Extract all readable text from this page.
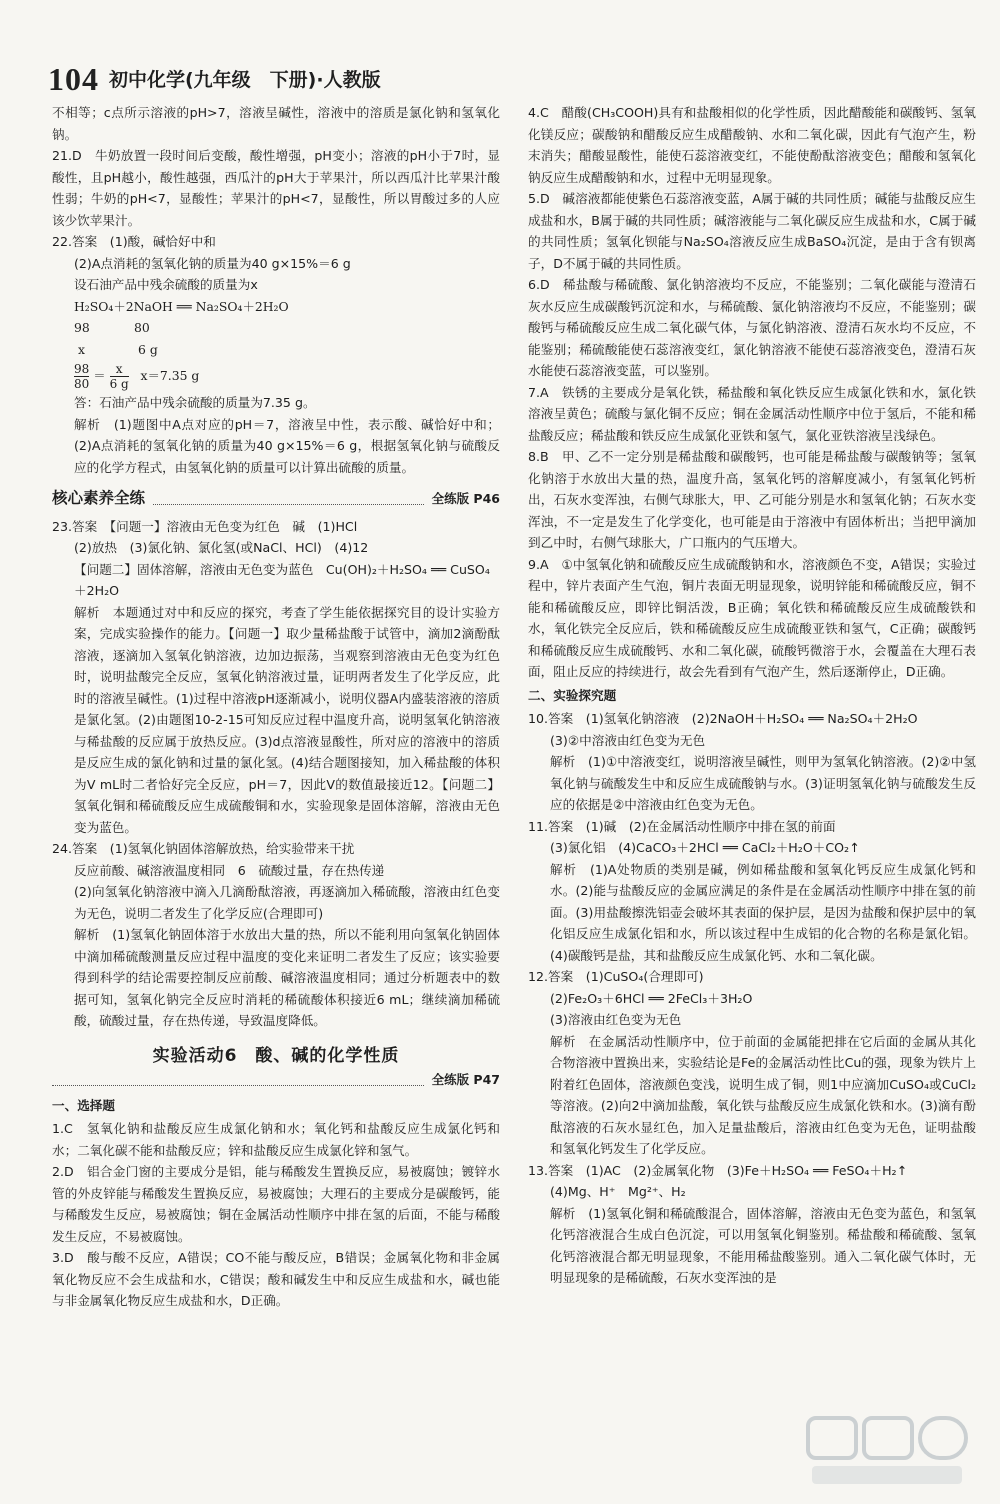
104 初中化学(九年级　下册)·人教版

不相等；c点所示溶液的pH>7，溶液呈碱性，溶液中的溶质是氯化钠和氢氧化钠。

21.D　牛奶放置一段时间后变酸，酸性增强，pH变小；溶液的pH小于7时，显酸性，且pH越小，酸性越强，西瓜汁的pH大于苹果汁，所以西瓜汁比苹果汁酸性弱；牛奶的pH<7，显酸性；苹果汁的pH<7，显酸性，所以胃酸过多的人应该少饮苹果汁。

22.答案　(1)酸，碱恰好中和

(2)A点消耗的氢氧化钠的质量为40 g×15%＝6 g

设石油产品中残余硫酸的质量为x

H₂SO₄＋2NaOH ══ Na₂SO₄＋2H₂O

98	80

x	6 g

$\frac{98}{80} = \frac{x}{6 g} x=7.35$ g

答：石油产品中残余硫酸的质量为7.35 g。

解析　(1)题图中A点对应的pH＝7，溶液呈中性，表示酸、碱恰好中和；(2)A点消耗的氢氧化钠的质量为40 g×15%＝6 g，根据氢氧化钠与硫酸反应的化学方程式，由氢氧化钠的质量可以计算出硫酸的质量。

核心素养全练	全练版 P46

23.答案　【问题一】溶液由无色变为红色　碱　(1)HCl

(2)放热　(3)氯化钠、氯化氢(或NaCl、HCl)　(4)12

【问题二】固体溶解，溶液由无色变为蓝色　Cu(OH)₂＋H₂SO₄ ══ CuSO₄＋2H₂O

解析　本题通过对中和反应的探究，考查了学生能依据探究目的设计实验方案，完成实验操作的能力。【问题一】取少量稀盐酸于试管中，滴加2滴酚酞溶液，逐滴加入氢氧化钠溶液，边加边振荡，当观察到溶液由无色变为红色时，说明盐酸完全反应，氢氧化钠溶液过量，证明两者发生了化学反应，此时的溶液呈碱性。(1)过程中溶液pH逐渐减小，说明仪器A内盛装溶液的溶质是氯化氢。(2)由题图10-2-15可知反应过程中温度升高，说明氢氧化钠溶液与稀盐酸的反应属于放热反应。(3)d点溶液显酸性，所对应的溶液中的溶质是反应生成的氯化钠和过量的氯化氢。(4)结合题图接知，加入稀盐酸的体积为V mL时二者恰好完全反应，pH＝7，因此V的数值最接近12。【问题二】氢氧化铜和稀硫酸反应生成硫酸铜和水，实验现象是固体溶解，溶液由无色变为蓝色。

24.答案　(1)氢氧化钠固体溶解放热，给实验带来干扰

反应前酸、碱溶液温度相同　6　硫酸过量，存在热传递

(2)向氢氧化钠溶液中滴入几滴酚酞溶液，再逐滴加入稀硫酸，溶液由红色变为无色，说明二者发生了化学反应(合理即可)

解析　(1)氢氧化钠固体溶于水放出大量的热，所以不能利用向氢氧化钠固体中滴加稀硫酸测量反应过程中温度的变化来证明二者发生了反应；该实验要得到科学的结论需要控制反应前酸、碱溶液温度相同；通过分析题表中的数据可知，氢氧化钠完全反应时消耗的稀硫酸体积接近6 mL；继续滴加稀硫酸，硫酸过量，存在热传递，导致温度降低。

实验活动6　酸、碱的化学性质
全练版 P47

一、选择题

1.C　氢氧化钠和盐酸反应生成氯化钠和水；氧化钙和盐酸反应生成氯化钙和水；二氧化碳不能和盐酸反应；锌和盐酸反应生成氯化锌和氢气。

2.D　铝合金门窗的主要成分是铝，能与稀酸发生置换反应，易被腐蚀；镀锌水管的外皮锌能与稀酸发生置换反应，易被腐蚀；大理石的主要成分是碳酸钙，能与稀酸发生反应，易被腐蚀；铜在金属活动性顺序中排在氢的后面，不能与稀酸发生反应，不易被腐蚀。

3.D　酸与酸不反应，A错误；CO不能与酸反应，B错误；金属氧化物和非金属氧化物反应不会生成盐和水，C错误；酸和碱发生中和反应生成盐和水，碱也能与非金属氧化物反应生成盐和水，D正确。

4.C　醋酸(CH₃COOH)具有和盐酸相似的化学性质，因此醋酸能和碳酸钙、氢氧化镁反应；碳酸钠和醋酸反应生成醋酸钠、水和二氧化碳，因此有气泡产生，粉末消失；醋酸显酸性，能使石蕊溶液变红，不能使酚酞溶液变色；醋酸和氢氧化钠反应生成醋酸钠和水，过程中无明显现象。

5.D　碱溶液都能使紫色石蕊溶液变蓝，A属于碱的共同性质；碱能与盐酸反应生成盐和水，B属于碱的共同性质；碱溶液能与二氧化碳反应生成盐和水，C属于碱的共同性质；氢氧化钡能与Na₂SO₄溶液反应生成BaSO₄沉淀，是由于含有钡离子，D不属于碱的共同性质。

6.D　稀盐酸与稀硫酸、氯化钠溶液均不反应，不能鉴别；二氧化碳能与澄清石灰水反应生成碳酸钙沉淀和水，与稀硫酸、氯化钠溶液均不反应，不能鉴别；碳酸钙与稀硫酸反应生成二氧化碳气体，与氯化钠溶液、澄清石灰水均不反应，不能鉴别；稀硫酸能使石蕊溶液变红，氯化钠溶液不能使石蕊溶液变色，澄清石灰水能使石蕊溶液变蓝，可以鉴别。

7.A　铁锈的主要成分是氧化铁，稀盐酸和氧化铁反应生成氯化铁和水，氯化铁溶液呈黄色；硫酸与氯化铜不反应；铜在金属活动性顺序中位于氢后，不能和稀盐酸反应；稀盐酸和铁反应生成氯化亚铁和氢气，氯化亚铁溶液呈浅绿色。

8.B　甲、乙不一定分别是稀盐酸和碳酸钙，也可能是稀盐酸与碳酸钠等；氢氧化钠溶于水放出大量的热，温度升高，氢氧化钙的溶解度减小，有氢氧化钙析出，石灰水变浑浊，右侧气球胀大，甲、乙可能分别是水和氢氧化钠；石灰水变浑浊，不一定是发生了化学变化，也可能是由于溶液中有固体析出；当把甲滴加到乙中时，右侧气球胀大，广口瓶内的气压增大。

9.A　①中氢氧化钠和硫酸反应生成硫酸钠和水，溶液颜色不变，A错误；实验过程中，锌片表面产生气泡，铜片表面无明显现象，说明锌能和稀硫酸反应，铜不能和稀硫酸反应，即锌比铜活泼，B正确；氧化铁和稀硫酸反应生成硫酸铁和水，氧化铁完全反应后，铁和稀硫酸反应生成硫酸亚铁和氢气，C正确；碳酸钙和稀硫酸反应生成硫酸钙、水和二氧化碳，硫酸钙微溶于水，会覆盖在大理石表面，阻止反应的持续进行，故会先看到有气泡产生，然后逐渐停止，D正确。

二、实验探究题

10.答案　(1)氢氧化钠溶液　(2)2NaOH＋H₂SO₄ ══ Na₂SO₄＋2H₂O

(3)②中溶液由红色变为无色

解析　(1)①中溶液变红，说明溶液呈碱性，则甲为氢氧化钠溶液。(2)②中氢氧化钠与硫酸发生中和反应生成硫酸钠与水。(3)证明氢氧化钠与硫酸发生反应的依据是②中溶液由红色变为无色。

11.答案　(1)碱　(2)在金属活动性顺序中排在氢的前面

(3)氯化铝　(4)CaCO₃＋2HCl ══ CaCl₂＋H₂O＋CO₂↑

解析　(1)A处物质的类别是碱，例如稀盐酸和氢氧化钙反应生成氯化钙和水。(2)能与盐酸反应的金属应满足的条件是在金属活动性顺序中排在氢的前面。(3)用盐酸擦洗铝壶会破坏其表面的保护层，是因为盐酸和保护层中的氧化铝反应生成氯化铝和水，所以该过程中生成铝的化合物的名称是氯化铝。(4)碳酸钙是盐，其和盐酸反应生成氯化钙、水和二氧化碳。

12.答案　(1)CuSO₄(合理即可)

(2)Fe₂O₃＋6HCl ══ 2FeCl₃＋3H₂O

(3)溶液由红色变为无色

解析　在金属活动性顺序中，位于前面的金属能把排在它后面的金属从其化合物溶液中置换出来，实验结论是Fe的金属活动性比Cu的强，现象为铁片上附着红色固体，溶液颜色变浅，说明生成了铜，则1中应滴加CuSO₄或CuCl₂等溶液。(2)向2中滴加盐酸，氧化铁与盐酸反应生成氯化铁和水。(3)滴有酚酞溶液的石灰水显红色，加入足量盐酸后，溶液由红色变为无色，证明盐酸和氢氧化钙发生了化学反应。

13.答案　(1)AC　(2)金属氧化物　(3)Fe＋H₂SO₄ ══ FeSO₄＋H₂↑

(4)Mg、H⁺　Mg²⁺、H₂

解析　(1)氢氧化铜和稀硫酸混合，固体溶解，溶液由无色变为蓝色，和氢氧化钙溶液混合生成白色沉淀，可以用氢氧化铜鉴别。稀盐酸和稀硫酸、氢氧化钙溶液混合都无明显现象，不能用稀盐酸鉴别。通入二氧化碳气体时，无明显现象的是稀硫酸，石灰水变浑浊的是
